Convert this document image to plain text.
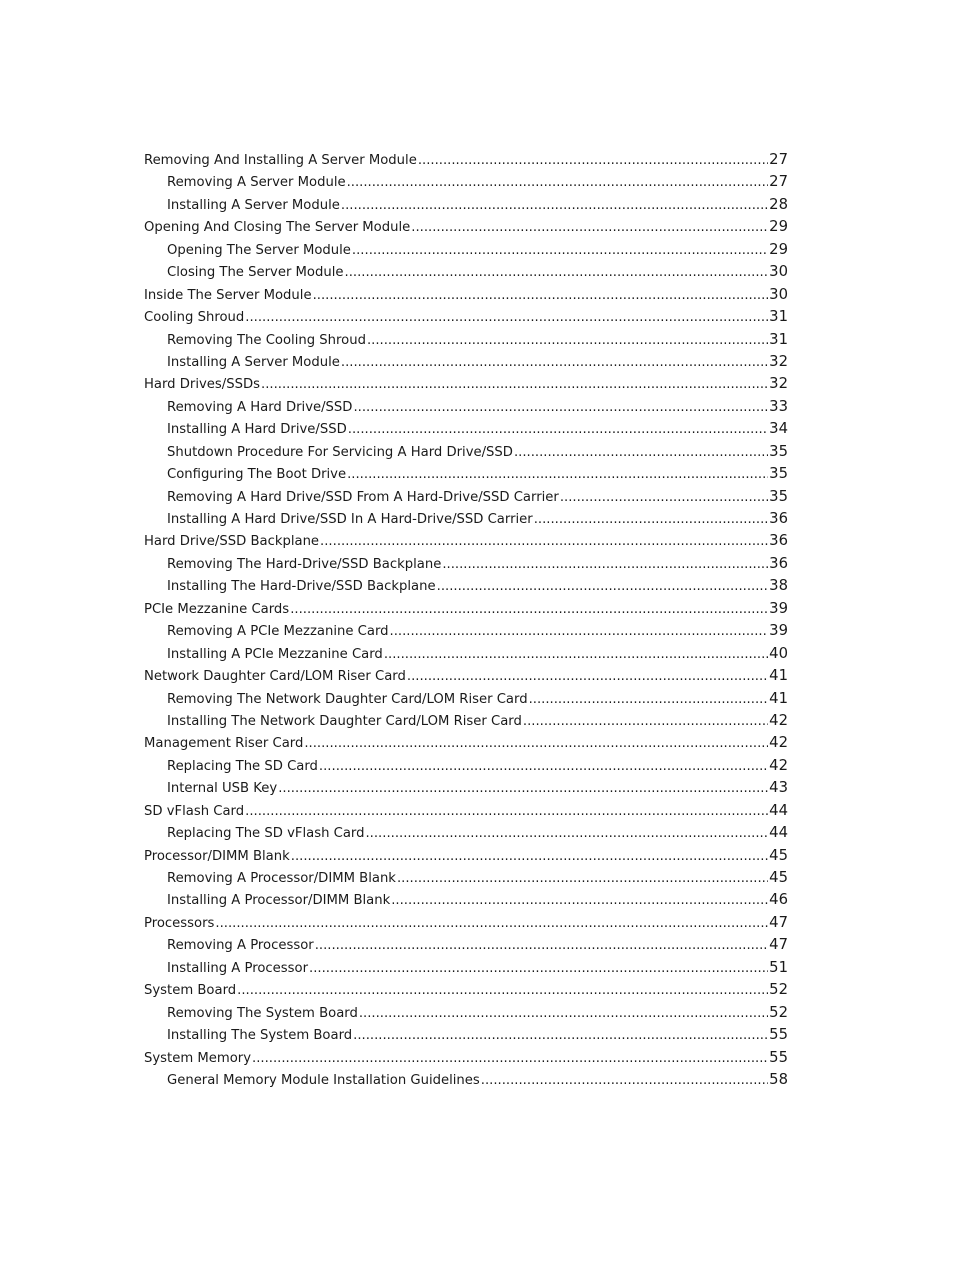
Removing And Installing A Server Module .....	27
Removing A Server Module .....	27
Installing A Server Module .....	28
Opening And Closing The Server Module .....	29
Opening The Server Module .....	29
Closing The Server Module .....	30
Inside The Server Module .....	30
Cooling Shroud .....	31
Removing The Cooling Shroud .....	31
Installing A Server Module .....	32
Hard Drives/SSDs .....	32
Removing A Hard Drive/SSD .....	33
Installing A Hard Drive/SSD .....	34
Shutdown Procedure For Servicing A Hard Drive/SSD .....	35
Configuring The Boot Drive .....	35
Removing A Hard Drive/SSD From A Hard-Drive/SSD Carrier .....	35
Installing A Hard Drive/SSD In A Hard-Drive/SSD Carrier .....	36
Hard Drive/SSD Backplane .....	36
Removing The Hard-Drive/SSD Backplane .....	36
Installing The Hard-Drive/SSD Backplane .....	38
PCIe Mezzanine Cards .....	39
Removing A PCIe Mezzanine Card .....	39
Installing A PCIe Mezzanine Card .....	40
Network Daughter Card/LOM Riser Card .....	41
Removing The Network Daughter Card/LOM Riser Card .....	41
Installing The Network Daughter Card/LOM Riser Card .....	42
Management Riser Card .....	42
Replacing The SD Card .....	42
Internal USB Key .....	43
SD vFlash Card .....	44
Replacing The SD vFlash Card .....	44
Processor/DIMM Blank .....	45
Removing A Processor/DIMM Blank .....	45
Installing A Processor/DIMM Blank .....	46
Processors .....	47
Removing A Processor .....	47
Installing A Processor .....	51
System Board .....	52
Removing The System Board .....	52
Installing The System Board .....	55
System Memory .....	55
General Memory Module Installation Guidelines .....	58
